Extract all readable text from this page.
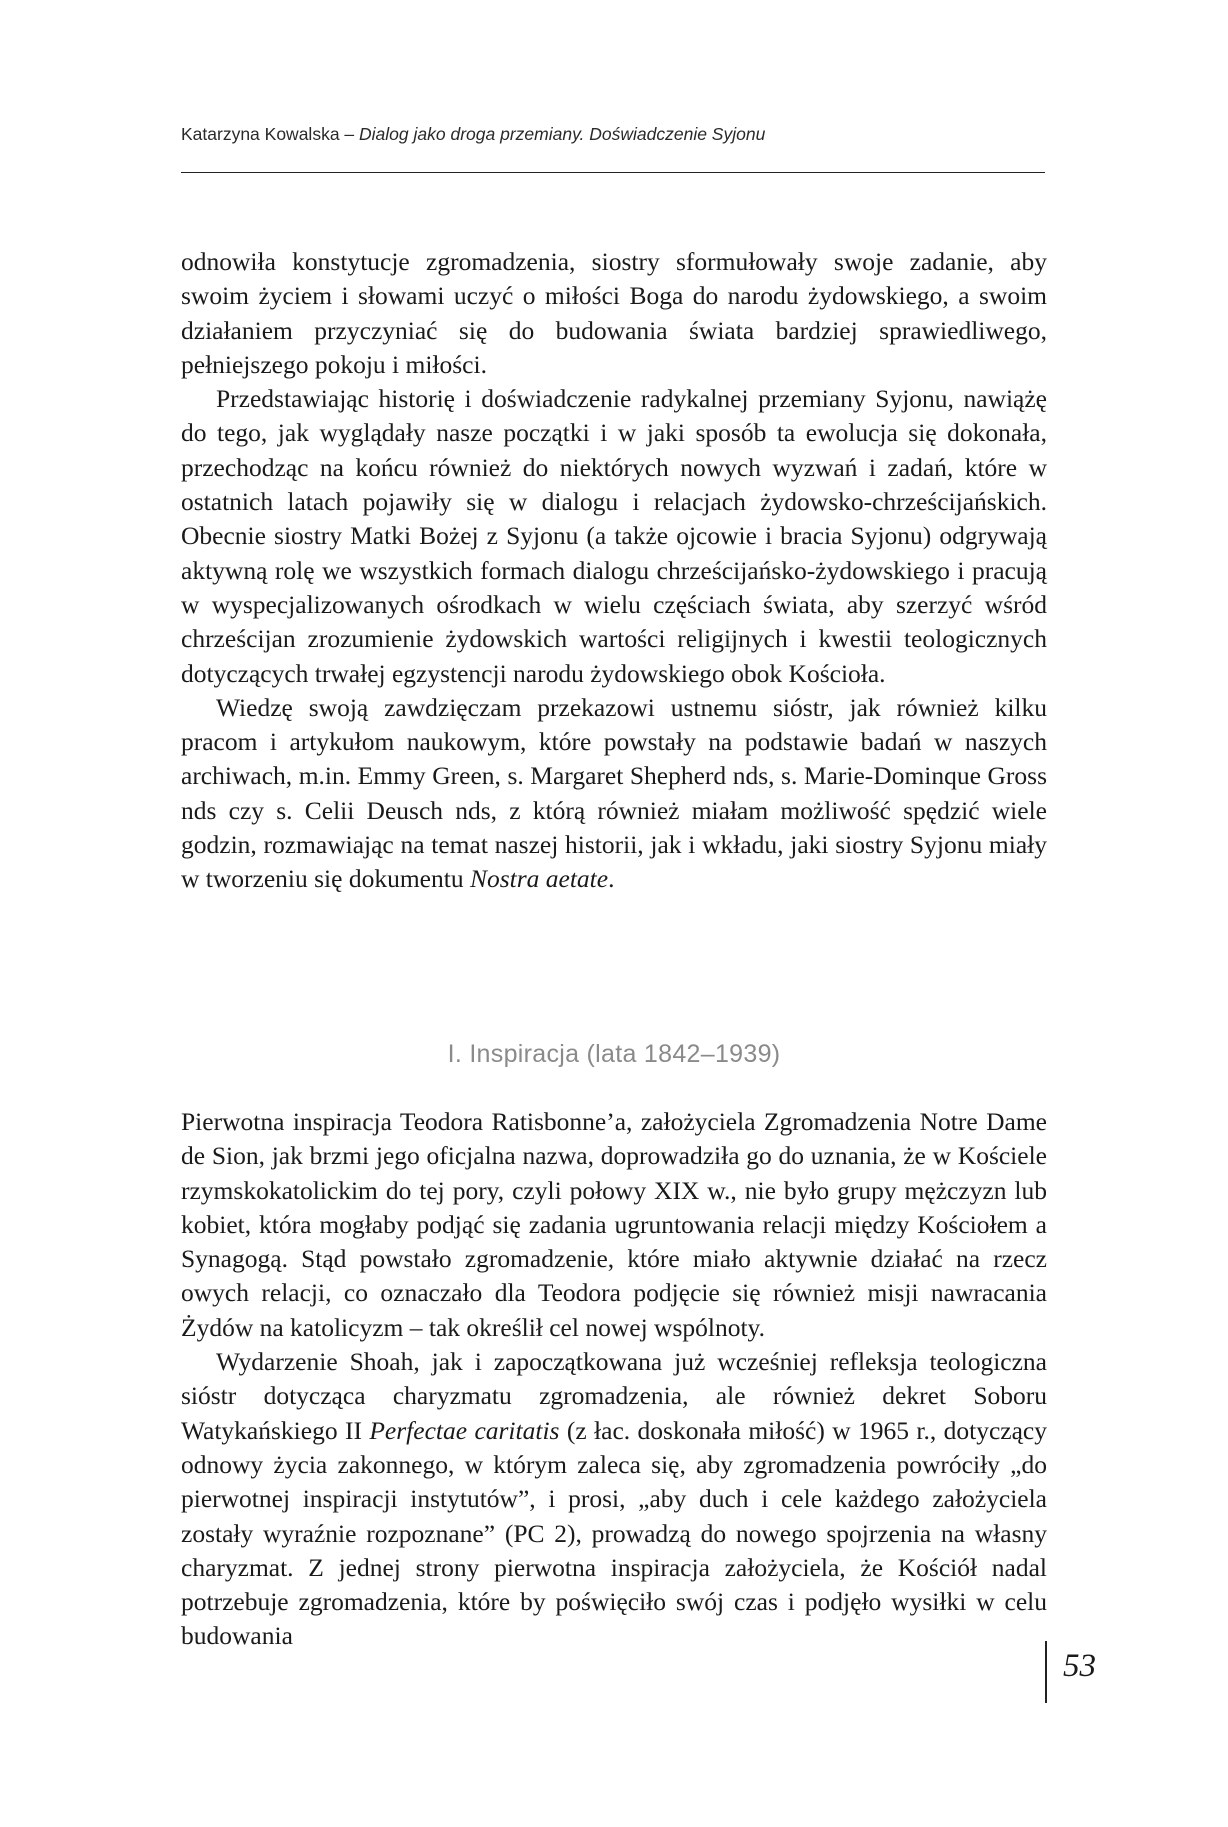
Katarzyna Kowalska – Dialog jako droga przemiany. Doświadczenie Syjonu

odnowiła konstytucje zgromadzenia, siostry sformułowały swoje zadanie, aby swoim życiem i słowami uczyć o miłości Boga do narodu żydowskiego, a swoim działaniem przyczyniać się do budowania świata bardziej sprawiedliwego, pełniejszego pokoju i miłości.

Przedstawiając historię i doświadczenie radykalnej przemiany Syjonu, nawiążę do tego, jak wyglądały nasze początki i w jaki sposób ta ewolucja się dokonała, przechodząc na końcu również do niektórych nowych wyzwań i zadań, które w ostatnich latach pojawiły się w dialogu i relacjach żydowsko-chrześcijańskich. Obecnie siostry Matki Bożej z Syjonu (a także ojcowie i bracia Syjonu) odgrywają aktywną rolę we wszystkich formach dialogu chrześcijańsko-żydowskiego i pracują w wyspecjalizowanych ośrodkach w wielu częściach świata, aby szerzyć wśród chrześcijan zrozumienie żydowskich wartości religijnych i kwestii teologicznych dotyczących trwałej egzystencji narodu żydowskiego obok Kościoła.

Wiedzę swoją zawdzięczam przekazowi ustnemu sióstr, jak również kilku pracom i artykułom naukowym, które powstały na podstawie badań w naszych archiwach, m.in. Emmy Green, s. Margaret Shepherd nds, s. Marie-Dominque Gross nds czy s. Celii Deusch nds, z którą również miałam możliwość spędzić wiele godzin, rozmawiając na temat naszej historii, jak i wkładu, jaki siostry Syjonu miały w tworzeniu się dokumentu Nostra aetate.

I. Inspiracja (lata 1842–1939)

Pierwotna inspiracja Teodora Ratisbonne’a, założyciela Zgromadzenia Notre Dame de Sion, jak brzmi jego oficjalna nazwa, doprowadziła go do uznania, że w Kościele rzymskokatolickim do tej pory, czyli połowy XIX w., nie było grupy mężczyzn lub kobiet, która mogłaby podjąć się zadania ugruntowania relacji między Kościołem a Synagogą. Stąd powstało zgromadzenie, które miało aktywnie działać na rzecz owych relacji, co oznaczało dla Teodora podjęcie się również misji nawracania Żydów na katolicyzm – tak określił cel nowej wspólnoty.

Wydarzenie Shoah, jak i zapoczątkowana już wcześniej refleksja teologiczna sióstr dotycząca charyzmatu zgromadzenia, ale również dekret Soboru Watykańskiego II Perfectae caritatis (z łac. doskonała miłość) w 1965 r., dotyczący odnowy życia zakonnego, w którym zaleca się, aby zgromadzenia powróciły „do pierwotnej inspiracji instytutów”, i prosi, „aby duch i cele każdego założyciela zostały wyraźnie rozpoznane” (PC 2), prowadzą do nowego spojrzenia na własny charyzmat. Z jednej strony pierwotna inspiracja założyciela, że Kościół nadal potrzebuje zgromadzenia, które by poświęciło swój czas i podjęło wysiłki w celu budowania

53
